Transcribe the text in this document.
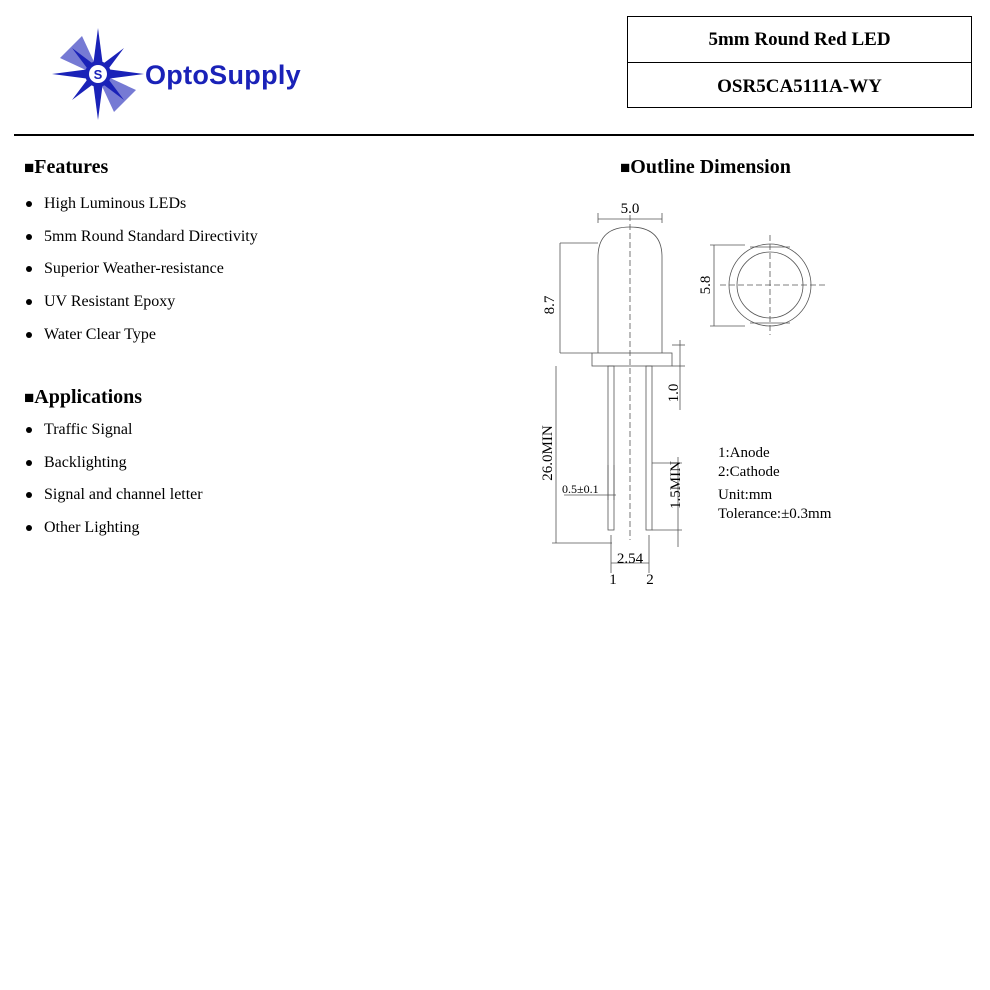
S OptoSupply
5mm Round Red LED
OSR5CA5111A-WY
■Features
High Luminous LEDs
5mm Round Standard Directivity
Superior Weather-resistance
UV Resistant Epoxy
Water Clear Type
■Applications
Traffic Signal
Backlighting
Signal and channel letter
Other Lighting
■Outline Dimension
5.0
8.7
1.0
26.0MIN
1.5MIN
0.5±0.1
2.54
5.8
1 2
1:Anode
2:Cathode
Unit:mm
Tolerance:±0.3mm
